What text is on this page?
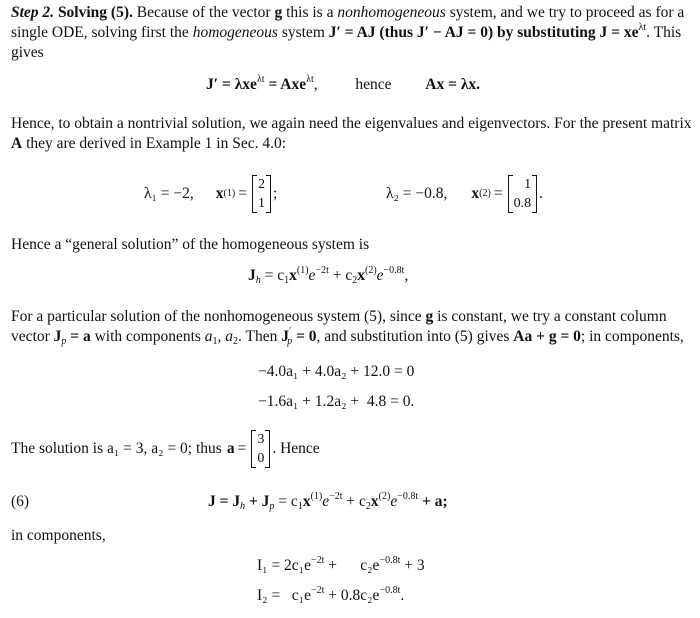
Step 2. Solving (5). Because of the vector g this is a nonhomogeneous system, and we try to proceed as for a
single ODE, solving first the homogeneous system J′ = AJ (thus J′ − AJ = 0) by substituting $J = xe^{\lambda t}$. This
gives
J′ = λxe$^{\lambda t}$ = Axe$^{\lambda t}$, hence Ax = λx.
Hence, to obtain a nontrivial solution, we again need the eigenvalues and eigenvectors. For the present matrix
A they are derived in Example 1 in Sec. 4.0:
λ₁ = −2, x (1) =
2
1
;	λ₂ = −0.8, x (2) =
1
0.8
.
Hence a “general solution” of the homogeneous system is
$J_h = c_1x^{(1)}e^{-2t} + c_2x^{(2)}e^{-0.8t}$,
For a particular solution of the nonhomogeneous system (5), since g is constant, we try a constant column
vector $J_p = a$ with components $a_1$, $a_2$. Then $J'_p = 0$, and substitution into (5) gives Aa + g = 0; in components,
−4.0a₁ + 4.0a₂ + 12.0 = 0
−1.6a₁ + 1.2a₂ +  4.8 = 0.
The solution is a₁ = 3, a₂ = 0; thus a =
3
0
. Hence
(6)	$J = J_h + J_p = c_1x^{(1)}e^{-2t} + c_2x^{(2)}e^{-0.8t} + a$;
in components,
$I_1 = 2c_1e^{-2t}$ +      $c_2e^{-0.8t} + 3$
$I_2 = c_1e^{-2t} + 0.8c_2e^{-0.8t}$.
